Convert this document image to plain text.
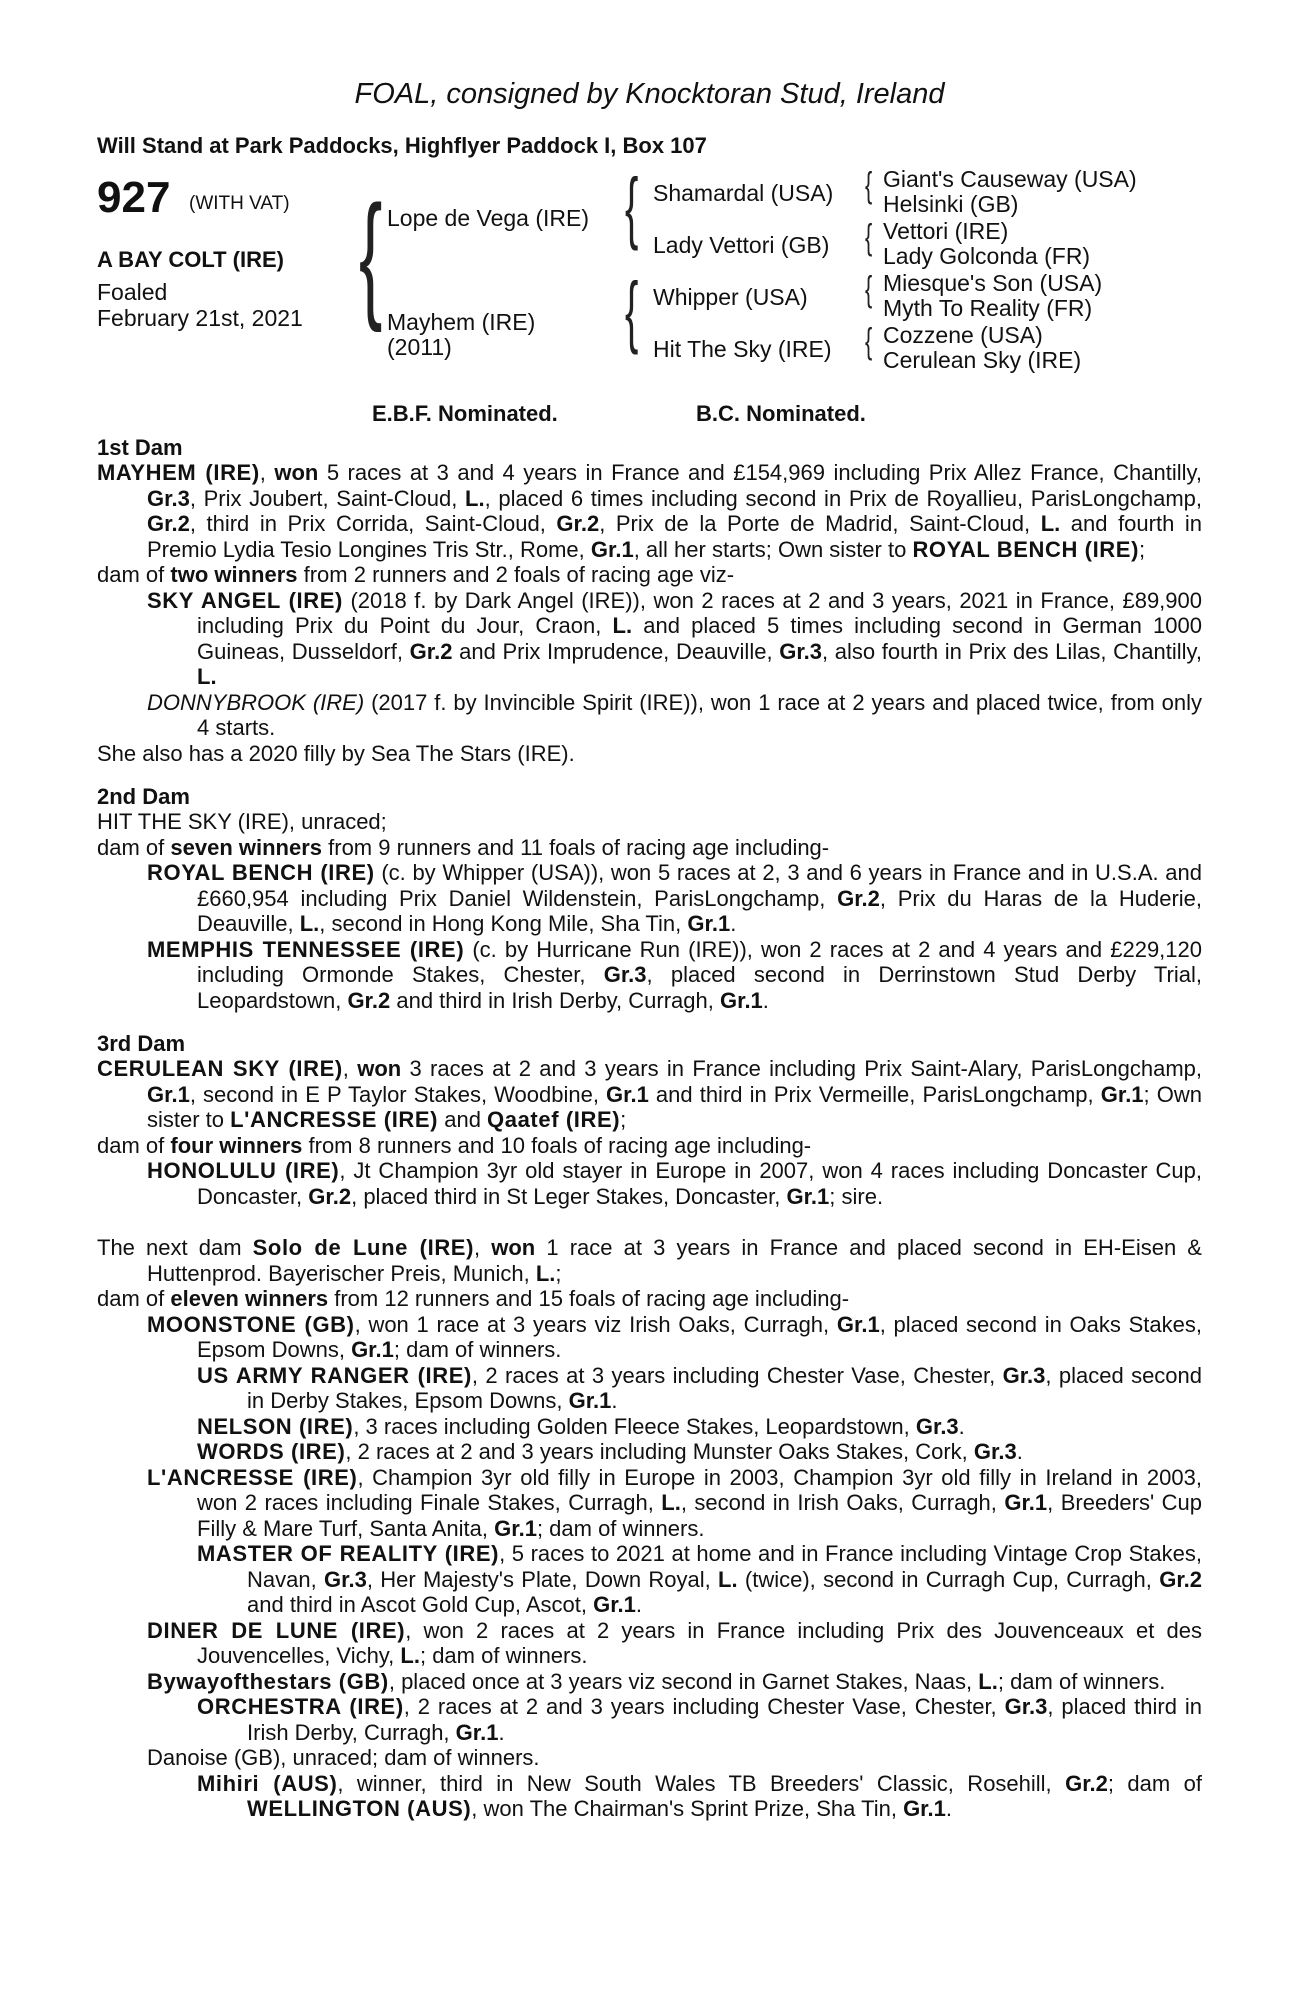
FOAL, consigned by Knocktoran Stud, Ireland
Will Stand at Park Paddocks, Highflyer Paddock I, Box 107
927 (WITH VAT)
A BAY COLT (IRE)
Foaled
February 21st, 2021 { Lope de Vega (IRE)
Mayhem (IRE)
(2011)
{
{
Shamardal (USA)
Lady Vettori (GB)
Whipper (USA)
Hit The Sky (IRE)
{
{
{
{
Giant's Causeway (USA)
Helsinki (GB)
Vettori (IRE)
Lady Golconda (FR)
Miesque's Son (USA)
Myth To Reality (FR)
Cozzene (USA)
Cerulean Sky (IRE)
E.B.F. Nominated.	B.C. Nominated.
1st Dam

MAYHEM (IRE), won 5 races at 3 and 4 years in France and £154,969 including Prix Allez France, Chantilly, Gr.3, Prix Joubert, Saint-Cloud, L., placed 6 times including second in Prix de Royallieu, ParisLongchamp, Gr.2, third in Prix Corrida, Saint-Cloud, Gr.2, Prix de la Porte de Madrid, Saint-Cloud, L. and fourth in Premio Lydia Tesio Longines Tris Str., Rome, Gr.1, all her starts; Own sister to ROYAL BENCH (IRE);

dam of two winners from 2 runners and 2 foals of racing age viz-

SKY ANGEL (IRE) (2018 f. by Dark Angel (IRE)), won 2 races at 2 and 3 years, 2021 in France, £89,900 including Prix du Point du Jour, Craon, L. and placed 5 times including second in German 1000 Guineas, Dusseldorf, Gr.2 and Prix Imprudence, Deauville, Gr.3, also fourth in Prix des Lilas, Chantilly, L.

DONNYBROOK (IRE) (2017 f. by Invincible Spirit (IRE)), won 1 race at 2 years and placed twice, from only 4 starts.

She also has a 2020 filly by Sea The Stars (IRE).

2nd Dam

HIT THE SKY (IRE), unraced;

dam of seven winners from 9 runners and 11 foals of racing age including-

ROYAL BENCH (IRE) (c. by Whipper (USA)), won 5 races at 2, 3 and 6 years in France and in U.S.A. and £660,954 including Prix Daniel Wildenstein, ParisLongchamp, Gr.2, Prix du Haras de la Huderie, Deauville, L., second in Hong Kong Mile, Sha Tin, Gr.1.

MEMPHIS TENNESSEE (IRE) (c. by Hurricane Run (IRE)), won 2 races at 2 and 4 years and £229,120 including Ormonde Stakes, Chester, Gr.3, placed second in Derrinstown Stud Derby Trial, Leopardstown, Gr.2 and third in Irish Derby, Curragh, Gr.1.

3rd Dam

CERULEAN SKY (IRE), won 3 races at 2 and 3 years in France including Prix Saint-Alary, ParisLongchamp, Gr.1, second in E P Taylor Stakes, Woodbine, Gr.1 and third in Prix Vermeille, ParisLongchamp, Gr.1; Own sister to L'ANCRESSE (IRE) and Qaatef (IRE);

dam of four winners from 8 runners and 10 foals of racing age including-

HONOLULU (IRE), Jt Champion 3yr old stayer in Europe in 2007, won 4 races including Doncaster Cup, Doncaster, Gr.2, placed third in St Leger Stakes, Doncaster, Gr.1; sire.

The next dam Solo de Lune (IRE), won 1 race at 3 years in France and placed second in EH-Eisen & Huttenprod. Bayerischer Preis, Munich, L.;

dam of eleven winners from 12 runners and 15 foals of racing age including-

MOONSTONE (GB), won 1 race at 3 years viz Irish Oaks, Curragh, Gr.1, placed second in Oaks Stakes, Epsom Downs, Gr.1; dam of winners.

US ARMY RANGER (IRE), 2 races at 3 years including Chester Vase, Chester, Gr.3, placed second in Derby Stakes, Epsom Downs, Gr.1.

NELSON (IRE), 3 races including Golden Fleece Stakes, Leopardstown, Gr.3.

WORDS (IRE), 2 races at 2 and 3 years including Munster Oaks Stakes, Cork, Gr.3.

L'ANCRESSE (IRE), Champion 3yr old filly in Europe in 2003, Champion 3yr old filly in Ireland in 2003, won 2 races including Finale Stakes, Curragh, L., second in Irish Oaks, Curragh, Gr.1, Breeders' Cup Filly & Mare Turf, Santa Anita, Gr.1; dam of winners.

MASTER OF REALITY (IRE), 5 races to 2021 at home and in France including Vintage Crop Stakes, Navan, Gr.3, Her Majesty's Plate, Down Royal, L. (twice), second in Curragh Cup, Curragh, Gr.2 and third in Ascot Gold Cup, Ascot, Gr.1.

DINER DE LUNE (IRE), won 2 races at 2 years in France including Prix des Jouvenceaux et des Jouvencelles, Vichy, L.; dam of winners.

Bywayofthestars (GB), placed once at 3 years viz second in Garnet Stakes, Naas, L.; dam of winners.

ORCHESTRA (IRE), 2 races at 2 and 3 years including Chester Vase, Chester, Gr.3, placed third in Irish Derby, Curragh, Gr.1.

Danoise (GB), unraced; dam of winners.

Mihiri (AUS), winner, third in New South Wales TB Breeders' Classic, Rosehill, Gr.2; dam of WELLINGTON (AUS), won The Chairman's Sprint Prize, Sha Tin, Gr.1.
